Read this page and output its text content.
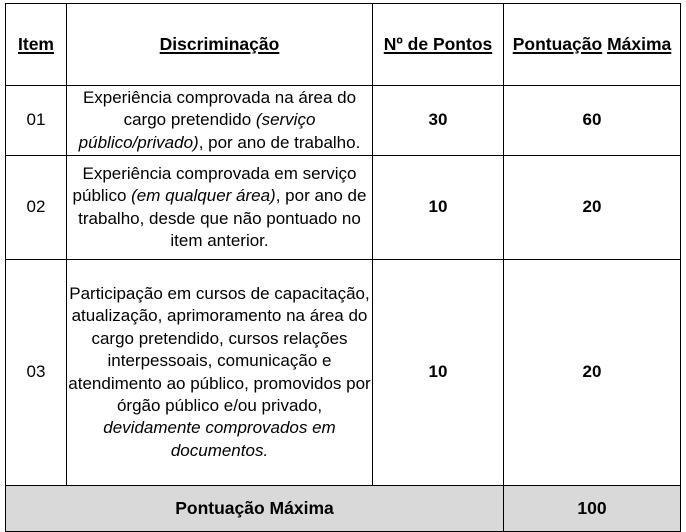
Item	Discriminação	Nº de Pontos	Pontuação Máxima
01	Experiência comprovada na área do cargo pretendido (serviço público/privado), por ano de trabalho.	30	60
02	Experiência comprovada em serviço público (em qualquer área), por ano de trabalho, desde que não pontuado no item anterior.	10	20
03	Participação em cursos de capacitação, atualização, aprimoramento na área do cargo pretendido, cursos relações interpessoais, comunicação e atendimento ao público, promovidos por órgão público e/ou privado, devidamente comprovados em documentos.	10	20
Pontuação Máxima			100
